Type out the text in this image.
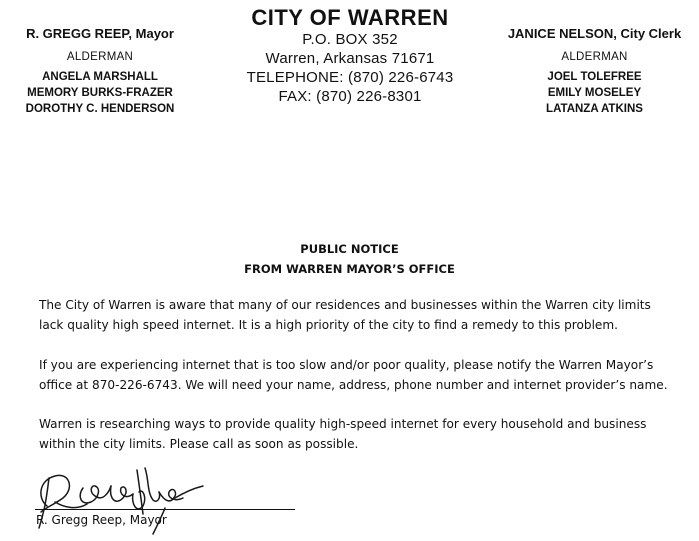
R. GREGG REEP, Mayor
ALDERMAN
ANGELA MARSHALL
MEMORY BURKS-FRAZER
DOROTHY C. HENDERSON
CITY OF WARREN
P.O. BOX 352
Warren, Arkansas 71671
TELEPHONE: (870) 226-6743
FAX: (870) 226-8301
JANICE NELSON, City Clerk
ALDERMAN
JOEL TOLEFREE
EMILY MOSELEY
LATANZA ATKINS
PUBLIC NOTICE
FROM WARREN MAYOR’S OFFICE
The City of Warren is aware that many of our residences and businesses within the Warren city limits
lack quality high speed internet. It is a high priority of the city to find a remedy to this problem.
If you are experiencing internet that is too slow and/or poor quality, please notify the Warren Mayor’s
office at 870-226-6743. We will need your name, address, phone number and internet provider’s name.
Warren is researching ways to provide quality high-speed internet for every household and business
within the city limits. Please call as soon as possible.
R. Gregg Reep, Mayor
